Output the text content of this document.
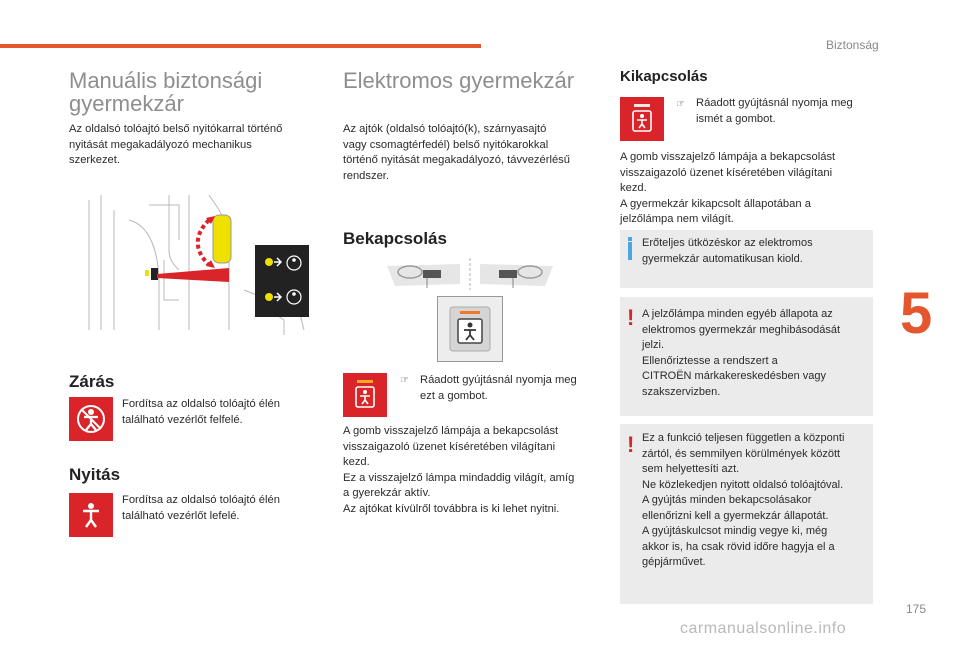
Biztonság
5
175
carmanualsonline.info
Manuális biztonsági
gyermekzár
Az oldalsó tolóajtó belső nyitókarral történő
nyitását megakadályozó mechanikus
szerkezet.
Zárás
Fordítsa az oldalsó tolóajtó élén
található vezérlőt felfelé.
Nyitás
Fordítsa az oldalsó tolóajtó élén
található vezérlőt lefelé.
Elektromos gyermekzár
Az ajtók (oldalsó tolóajtó(k), szárnyasajtó
vagy csomagtérfedél) belső nyitókarokkal
történő nyitását megakadályozó, távvezérlésű
rendszer.
Bekapcsolás
☞ Ráadott gyújtásnál nyomja meg
ezt a gombot.
A gomb visszajelző lámpája a bekapcsolást
visszaigazoló üzenet kíséretében világítani
kezd.
Ez a visszajelző lámpa mindaddig világít, amíg
a gyerekzár aktív.
Az ajtókat kívülről továbbra is ki lehet nyitni.
Kikapcsolás
☞ Ráadott gyújtásnál nyomja meg
ismét a gombot.
A gomb visszajelző lámpája a bekapcsolást
visszaigazoló üzenet kíséretében világítani
kezd.
A gyermekzár kikapcsolt állapotában a
jelzőlámpa nem világít.
Erőteljes ütközéskor az elektromos
gyermekzár automatikusan kiold.
! A jelzőlámpa minden egyéb állapota az
elektromos gyermekzár meghibásodását
jelzi.
Ellenőriztesse a rendszert a
CITROËN márkakereskedésben vagy
szakszervizben.
! Ez a funkció teljesen független a központi
zártól, és semmilyen körülmények között
sem helyettesíti azt.
Ne közlekedjen nyitott oldalsó tolóajtóval.
A gyújtás minden bekapcsolásakor
ellenőrizni kell a gyermekzár állapotát.
A gyújtáskulcsot mindig vegye ki, még
akkor is, ha csak rövid időre hagyja el a
gépjárművet.
